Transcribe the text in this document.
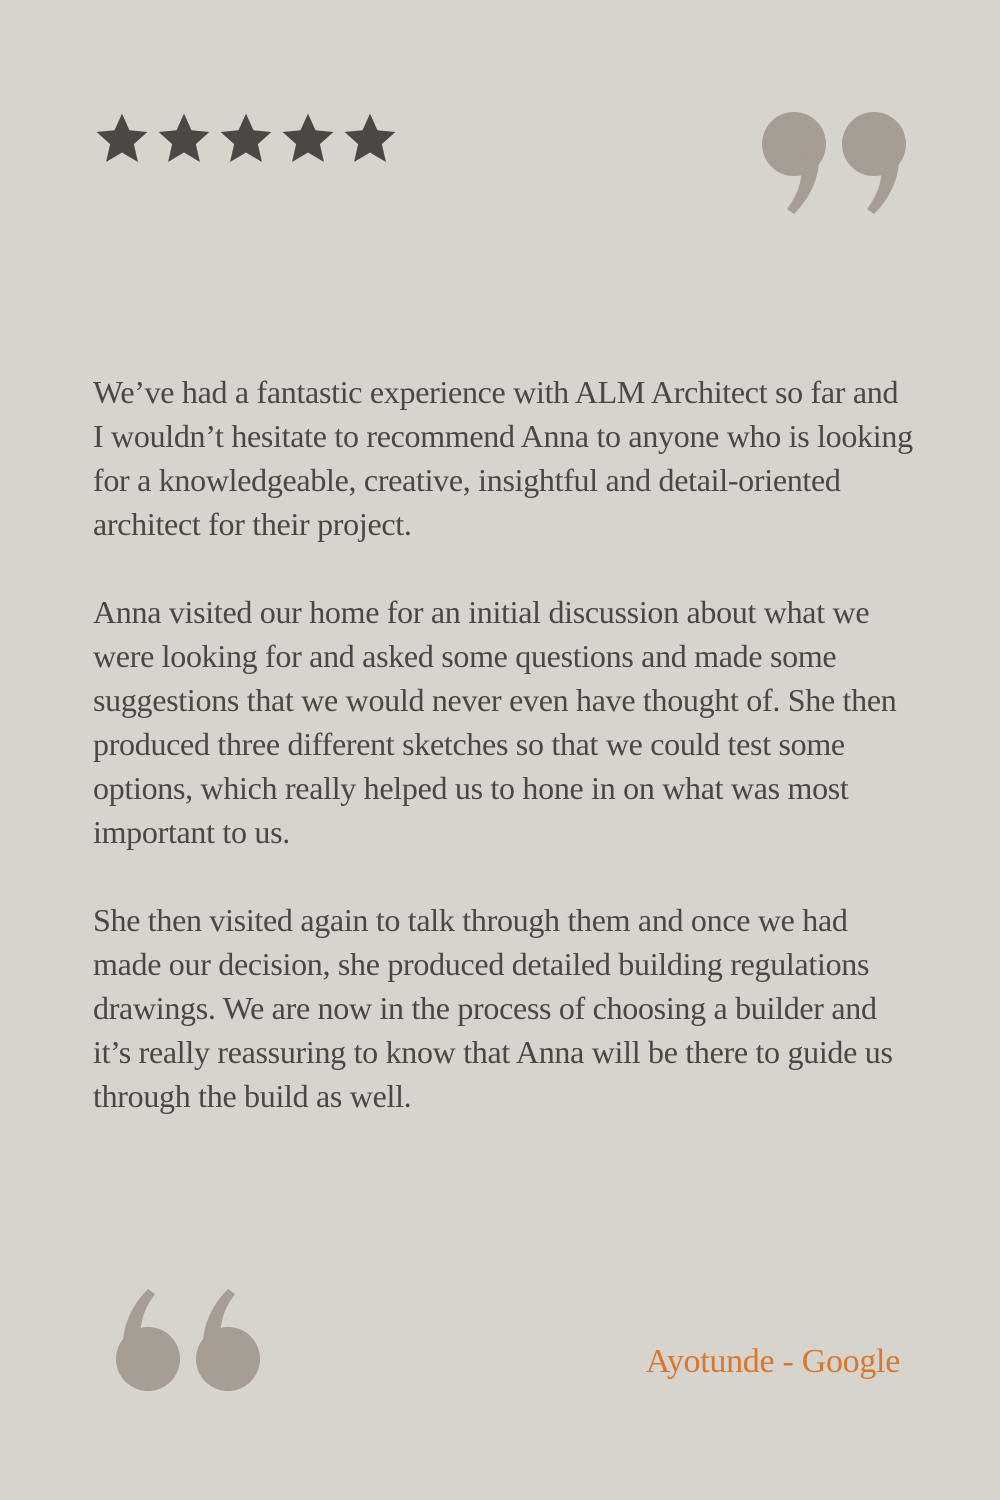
We’ve had a fantastic experience with ALM Architect so far and I wouldn’t hesitate to recommend Anna to anyone who is looking for a knowledgeable, creative, insightful and detail-oriented architect for their project.

Anna visited our home for an initial discussion about what we were looking for and asked some questions and made some suggestions that we would never even have thought of. She then produced three different sketches so that we could test some options, which really helped us to hone in on what was most important to us.

She then visited again to talk through them and once we had made our decision, she produced detailed building regulations drawings. We are now in the process of choosing a builder and it’s really reassuring to know that Anna will be there to guide us through the build as well.

Ayotunde - Google
